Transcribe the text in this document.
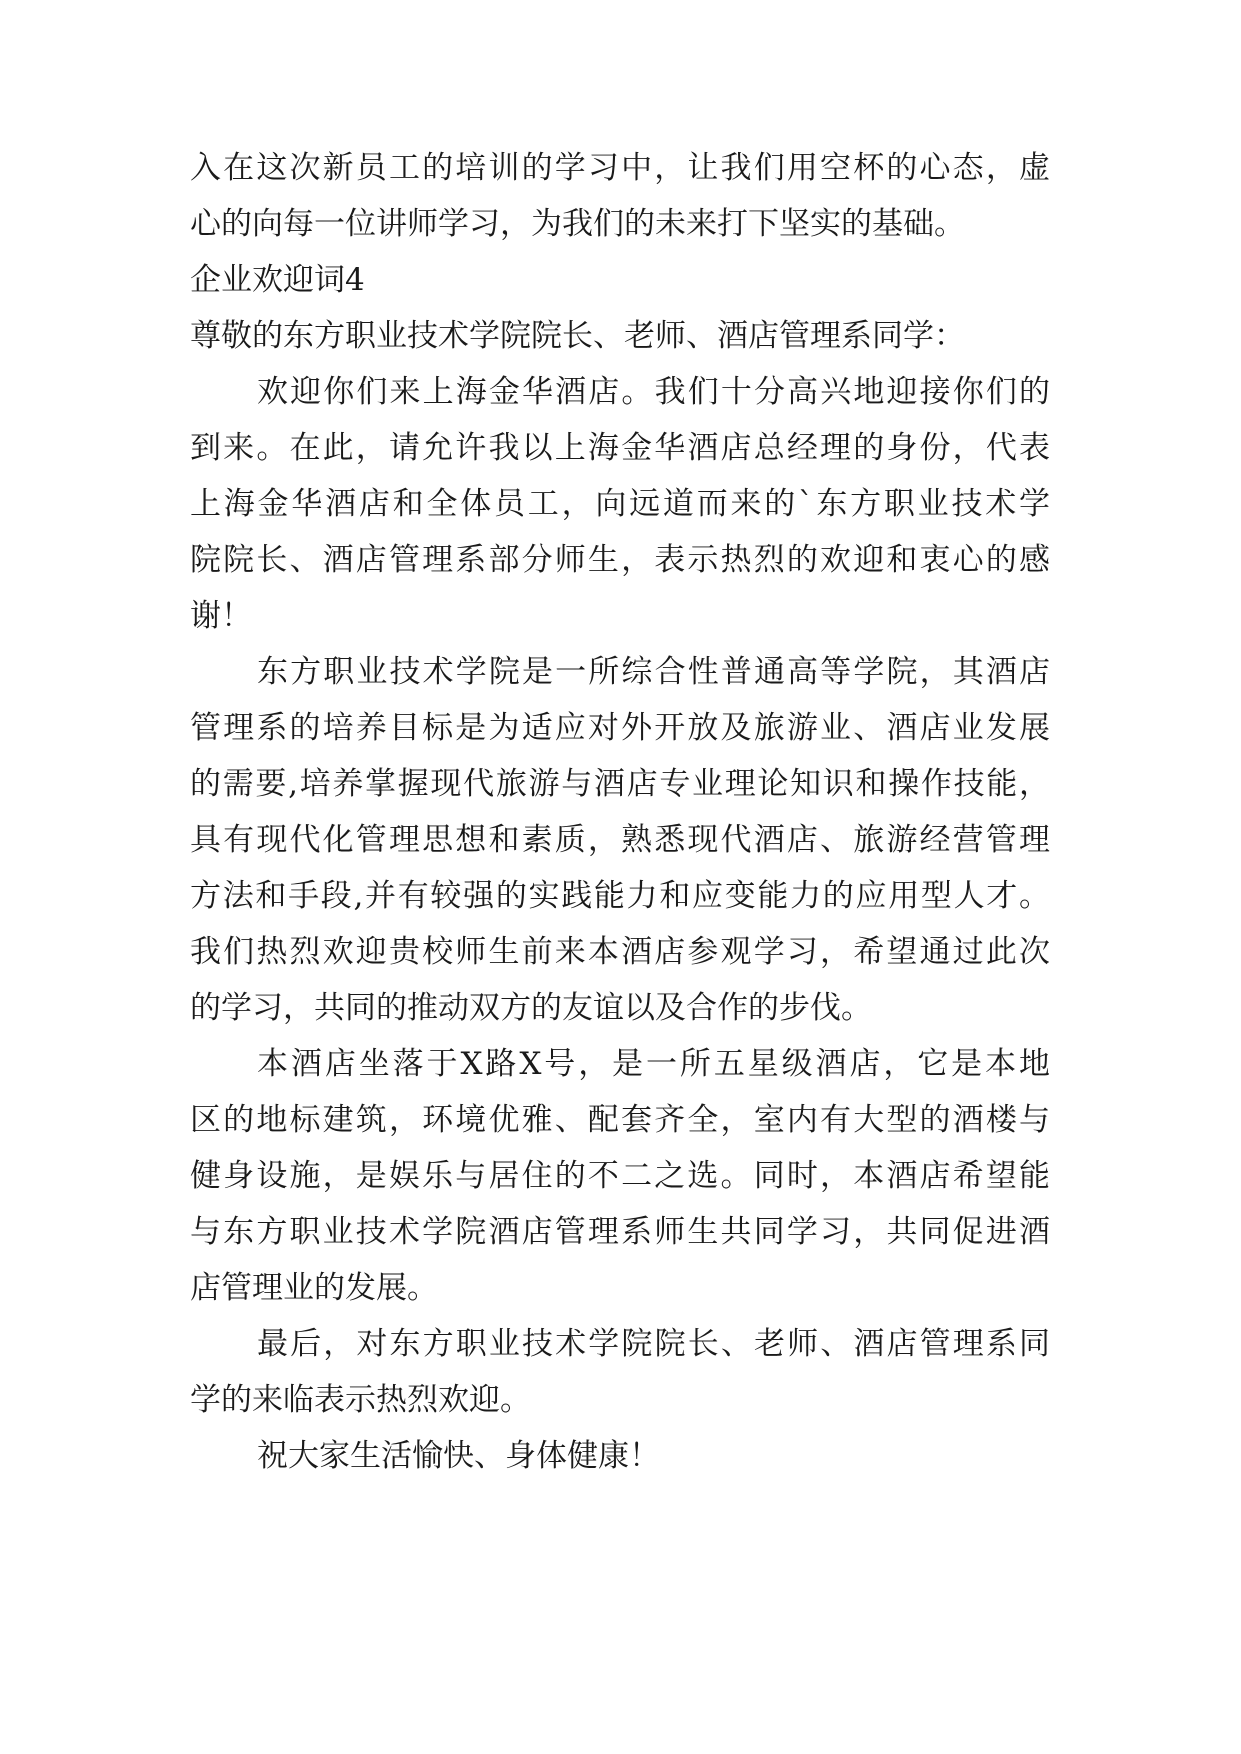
入在这次新员工的培训的学习中，让我们用空杯的心态，虚
心的向每一位讲师学习，为我们的未来打下坚实的基础。
企业欢迎词4
尊敬的东方职业技术学院院长、老师、酒店管理系同学：
欢迎你们来上海金华酒店。我们十分高兴地迎接你们的
到来。在此，请允许我以上海金华酒店总经理的身份，代表
上海金华酒店和全体员工，向远道而来的`东方职业技术学
院院长、酒店管理系部分师生，表示热烈的欢迎和衷心的感
谢！
东方职业技术学院是一所综合性普通高等学院，其酒店
管理系的培养目标是为适应对外开放及旅游业、酒店业发展
的需要,培养掌握现代旅游与酒店专业理论知识和操作技能，
具有现代化管理思想和素质，熟悉现代酒店、旅游经营管理
方法和手段,并有较强的实践能力和应变能力的应用型人才。
我们热烈欢迎贵校师生前来本酒店参观学习，希望通过此次
的学习，共同的推动双方的友谊以及合作的步伐。
本酒店坐落于X路X号，是一所五星级酒店，它是本地
区的地标建筑，环境优雅、配套齐全，室内有大型的酒楼与
健身设施，是娱乐与居住的不二之选。同时，本酒店希望能
与东方职业技术学院酒店管理系师生共同学习，共同促进酒
店管理业的发展。
最后，对东方职业技术学院院长、老师、酒店管理系同
学的来临表示热烈欢迎。
祝大家生活愉快、身体健康！
